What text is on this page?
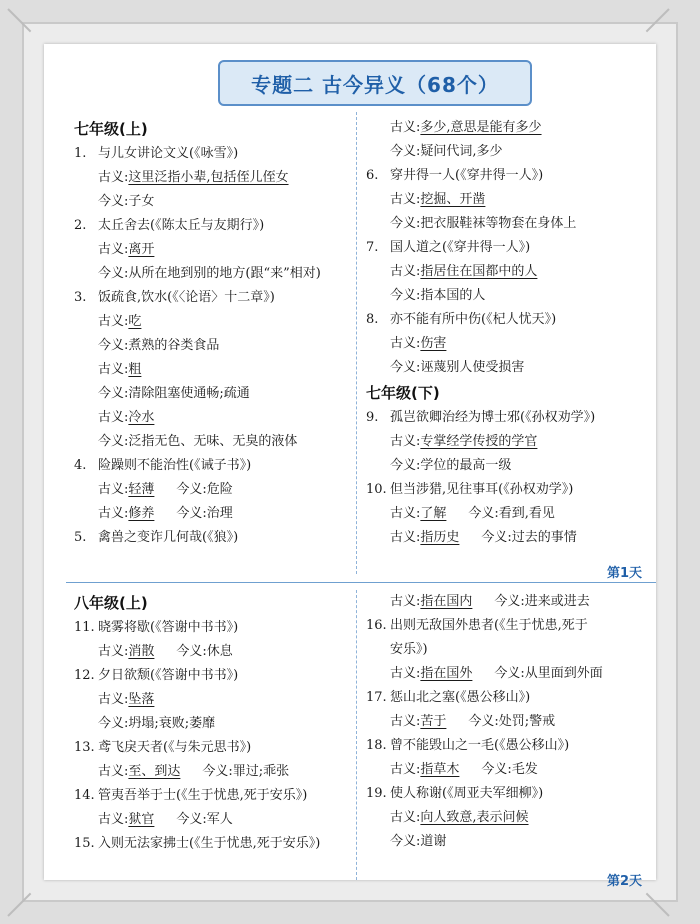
专题二 古今异义（68个）
七年级(上)
1. 与儿女讲论文义(《咏雪》)
古义:这里泛指小辈,包括侄儿侄女
今义:子女
2. 太丘舍去(《陈太丘与友期行》)
古义:离开
今义:从所在地到别的地方(跟“来”相对)
3. 饭疏食,饮水(《〈论语〉十二章》)
古义:吃
今义:煮熟的谷类食品
古义:粗
今义:清除阻塞使通畅;疏通
古义:冷水
今义:泛指无色、无味、无臭的液体
4. 险躁则不能治性(《诫子书》)
古义:轻薄 今义:危险
古义:修养 今义:治理
5. 禽兽之变诈几何哉(《狼》)
古义:多少,意思是能有多少
今义:疑问代词,多少
6. 穿井得一人(《穿井得一人》)
古义:挖掘、开凿
今义:把衣服鞋袜等物套在身体上
7. 国人道之(《穿井得一人》)
古义:指居住在国都中的人
今义:指本国的人
8. 亦不能有所中伤(《杞人忧天》)
古义:伤害
今义:诬蔑别人使受损害
七年级(下)
9. 孤岂欲卿治经为博士邪(《孙权劝学》)
古义:专掌经学传授的学官
今义:学位的最高一级
10. 但当涉猎,见往事耳(《孙权劝学》)
古义:了解 今义:看到,看见
古义:指历史 今义:过去的事情
第1天
八年级(上)
11. 晓雾将歇(《答谢中书书》)
古义:消散 今义:休息
12. 夕日欲颓(《答谢中书书》)
古义:坠落
今义:坍塌;衰败;萎靡
13. 鸢飞戾天者(《与朱元思书》)
古义:至、到达 今义:罪过;乖张
14. 管夷吾举于士(《生于忧患,死于安乐》)
古义:狱官 今义:军人
15. 入则无法家拂士(《生于忧患,死于安乐》)
古义:指在国内 今义:进来或进去
16. 出则无敌国外患者(《生于忧患,死于
安乐》)
古义:指在国外 今义:从里面到外面
17. 惩山北之塞(《愚公移山》)
古义:苦于 今义:处罚;警戒
18. 曾不能毁山之一毛(《愚公移山》)
古义:指草木 今义:毛发
19. 使人称谢(《周亚夫军细柳》)
古义:向人致意,表示问候
今义:道谢
第2天
